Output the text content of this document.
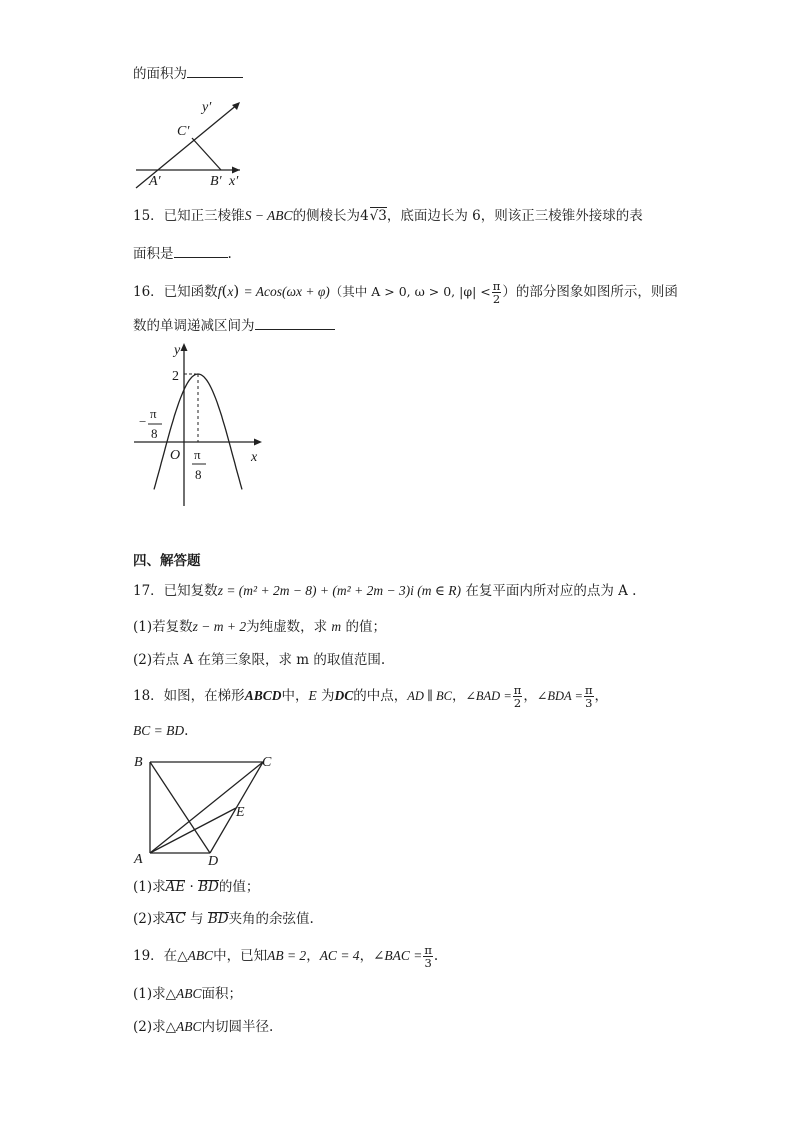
的面积为
y′
C′
A′	B′ x′
15．已知正三棱锥S − ABC的侧棱长为4√3，底面边长为 6，则该正三棱锥外接球的表
面积是	.
16．已知函数f(x) = Acos(ωx + φ)（其中 A > 0, ω > 0, $|\varphi| < \frac{\pi}{2}$ ）的部分图象如图所示，则函
数的单调递减区间为
y
2
−
π
8
O π
8
x
四、解答题
17．已知复数z = (m² + 2m − 8) + (m² + 2m − 3)i (m ∈ R) 在复平面内所对应的点为 A .
(1)若复数z − m + 2为纯虚数，求 m 的值；
(2)若点 A 在第三象限，求 m 的取值范围.
18．如图，在梯形ABCD中，E 为DC的中点，AD ∥ BC，∠BAD = $\frac{\pi}{2}$ ，∠BDA = $\frac{\pi}{3}$ ，
BC = BD.
B	C
E
A	D
(1)求AE · BD的值；
(2)求AC 与 BD夹角的余弦值.
19．在△ABC中，已知AB = 2，AC = 4，∠BAC = $\frac{\pi}{3}$ .
(1)求△ABC面积；
(2)求△ABC内切圆半径.
